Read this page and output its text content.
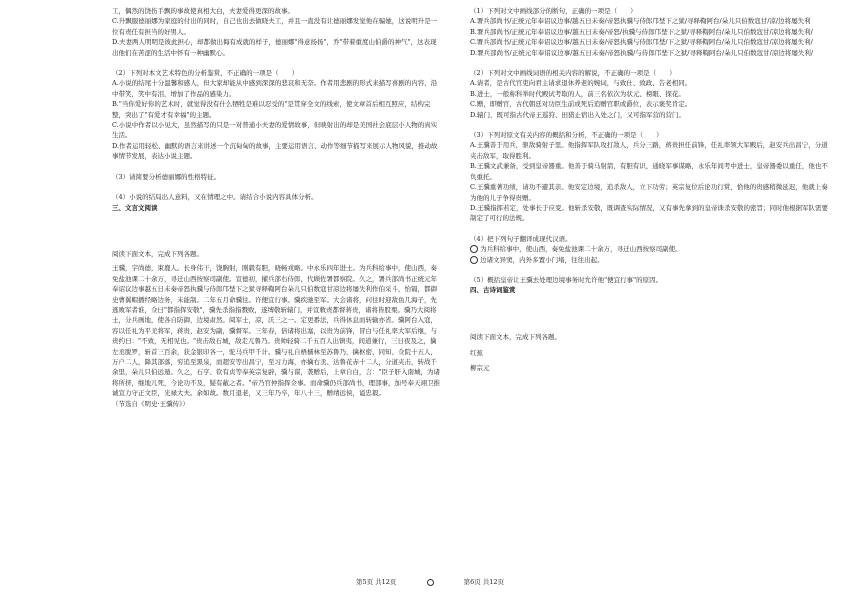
工，偶然的饶伤手飘的事故使真相大白，夫妻爱得更深的故事。

C.升飘服德丽娜为家庭的付出的同时，自己也出去做晓夫工，并且一直没有让德丽娜发觉他在骗她，这说明升是一位有责任有担当的好男人。

D.夫妻两人明明是彼此担心，却都做出侮有成就的样子，德丽娜"得意扬扬"，乔"带着重度山伯爵的神气"，这表现出他们在苦涩的生活中怀有一种幽默心。

（2）下列对本文艺术特色的分析鉴赏，不正确的一项是（　　）

A.小说的结尾十分温馨和感人，但大家却能从中感到深深的悲哀和无奈。作者用悲剧的形式来描写喜剧的内容，沿中带笑，笑中有泪，增加了作品的感染力。

B."当你爱好你的艺术时，就觉得没有什么牺牲是难以忍受的"是贯穿全文的线索，使文章首后相互照应，结构完整，突出了"有爱才有幸福"的主题。

C.小说中作者以小见大，虽然描写的只是一对普通小夫妻的爱情故事，但映射出的却是美国社会底层小人物的真实生活。

D.作者运用轻松、幽默的语言来讲述一个沉甸甸的故事，主要运用语言、动作等细节描写来展示人物风貌，推动故事情节发展，表达小说主题。

（3）请简要分析德丽娜的性格特征。

（4）小说的结局出人意料，又在情理之中。请结合小说内容具体分析。

三、文言文阅读

阅读下面文本，完成下列各题。

王骥，字尚德，束鹿人。长身伟干，饶胸射，刚毅有胆，晓畅戎略。中永乐四年进士。为兵科给事中，使山西，奏免盐池课二十余万，寻迁山西按察司副使。宣德初，擢兵部右侍郎，代顾佐署都察院。久之，署兵部尚书正统元年奉诏议边事越五日未奏帝怒执骥与侍郎邝埜下之狱寻释鞫阿台朵儿只伯数寇甘凉边将屡失利作伯采斗，怡镉，都御史曹翼帽播经略边务，未能制。二年五月命骥往。许便宜行事。骥疾驰至军。大会诸将，问往时迎敌鱼几海子，先逃败军者谁，佥曰"都指挥安敬"，骥先杀指指戮败，遂缚敬斩辕门，并宣敕责都督蒋贵，诸将皆股栗。骥乃大阅将士，分兵画地，使各自防御，边境肃然。阅军士，凉，沃三之一。定更番法，兵得休息而转输亦省。骥阿台入寇，容以任礼为平羌将军，蒋贵、赵安为副，骥督军。三年春，倍诸将出塞，以贵为前锋，冒白与任礼率大军后继，与贵约曰："不致，无相见也。"贵击敌石城，敌走兀鲁乃。贵帅轻骑二千五百人出镇夷，间道兼行，三日夜及之，擒左丞脱罗，斩首三百余，获金银印各一，驼马兵甲千计。骥与礼自梧檽林至苏鲁乃，擒枢密、同知、佥院十五人，万户二人，降其部落，穷追至黑泉，而超安等出昌宁，至习力海，亦擒右丞、达鲁花赤十二人，分道夹击，转战千余里，朵儿只伯远遁。久之，石亨、钦有贞等奉英宗复辟，骥与谋，袭赠后，上章自白，言："臣子肝入南城，为诸将所挤，继地儿死，今论功不及，疑有蔽之者。"帝乃官仲指挥佥事。而命骥仍兵部尚书，理部事，加号奉天翊卫推诚宣力守正文臣，光禄大夫。余如故。数月退老，又三年乃卒，年八十三，赠靖远侯，谥忠毅。

（节选自《明史·王骥传》）

（1）下列对文中画线部分的断句，正确的一项是（　　）

A.署兵部尚书/正统元年奉诏议边事/越五日未奏/帝怒执骥与侍郎邝埜下之狱/寻释鞫阿台/朵儿只伯数寇甘/凉/边将屡失利

B.署兵部尚书/正统元年奉诏议边事/越五日未奏/帝怒/执骥与侍郎邝埜下之狱/寻释鞫阿台/朵儿只伯数寇甘/凉边将屡失利/

C.署兵部尚书/正统元年奉诏议边事/越五日未奏/帝怒执骥与侍郎邝埜/下之狱/寻释鞫阿台/朵儿只伯数寇甘/凉边将屡失利/

D.署兵部尚书/正统元年奉诏议边事/越五日未奏/帝怒执骥/与侍郎邝埜下之狱/寻释鞫阿台/朵儿只伯数寇甘/凉边将屡失利/

（2）下列对文中画线词语的相关内容的解说，不正确的一项是（　　）

A.请者，是古代官吏向君主请求退休养老的婉词，与致仕、致政、告老相同。

B.进士，一般称科举时代殿试考取的人，前三名依次为状元、榜眼、探花。

C.赠，即赠官，古代朝廷对功臣生前或死后追赠官职或爵位，表示褒奖肯定。

D.辕门，既可指古代帝王巡狩、田猎止宿出入处之门，又可指军营的营门。

（3）下列对原文有关内容的概括和分析，不正确的一项是（　　）

A.王骥善于用兵，驱敌骑射子里。他指挥军队攻打敌人，兵分三路，蒋贵担任前锋，任礼率领大军殿后，赵安兵出昌宁，分道夹击敌军，取得胜利。

B.王骥文武兼备，受到皇帝器重。他善于骑马射箭，有胆有识，通晓军事谋略，永乐年间考中进士，皇帝器委以重任，他也不负重托。

C.王骥重著功绩，请功不避其亲。他安定边境，追杀敌人，立下功劳；英宗复位后论功行赏，恰他的贵感稍微延迟，他就上奏为他的儿子争得贵赠。

D.王骥指挥若定，处事长于应变。他斩杀安敬，既调查实际情况，又有事先拿到的皇帝诛杀安敬的密旨；同时他根据军队需要制定了可行的法规。

（4）把下列句子翻译成现代汉语。

为兵科给事中，使山西，奏免盐池课二十余万，寻迁山西按察司副使。

边诸文异窦，内外多置小门堵，往往出起。

（5）概括皇帝让王骥去处理边境事务时允许他"便宜行事"的原因。

四、古诗词鉴赏

阅读下面文本，完成下列各题。

红蕉

柳宗元

第5页 共12页	第6页 共12页
